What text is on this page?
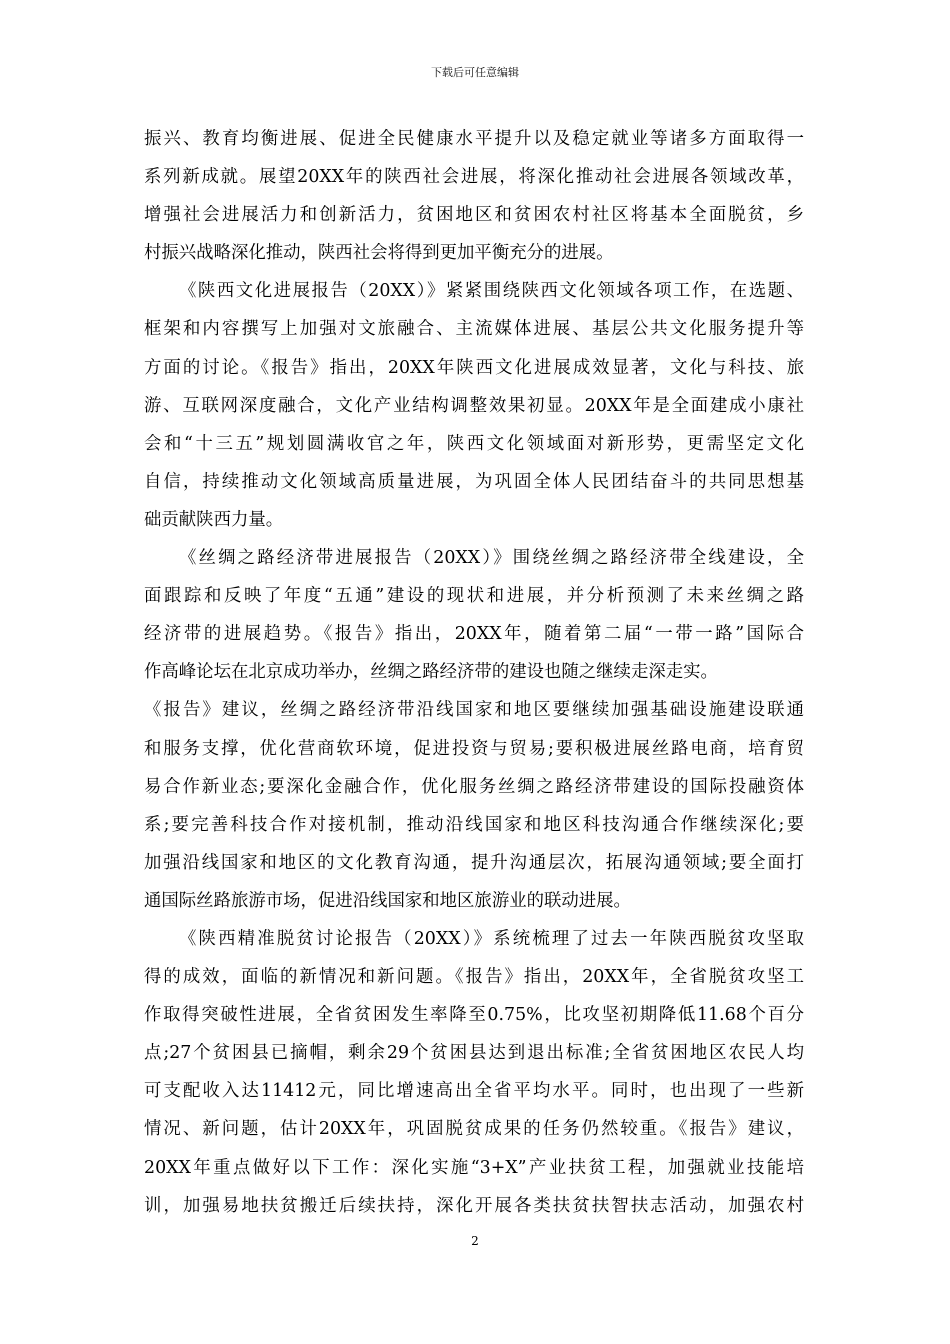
下载后可任意编辑
振兴、教育均衡进展、促进全民健康水平提升以及稳定就业等诸多方面取得一
系列新成就。展望20XX年的陕西社会进展，将深化推动社会进展各领域改革，
增强社会进展活力和创新活力，贫困地区和贫困农村社区将基本全面脱贫，乡
村振兴战略深化推动，陕西社会将得到更加平衡充分的进展。
《陕西文化进展报告（20XX）》紧紧围绕陕西文化领域各项工作，在选题、
框架和内容撰写上加强对文旅融合、主流媒体进展、基层公共文化服务提升等
方面的讨论。《报告》指出，20XX年陕西文化进展成效显著，文化与科技、旅
游、互联网深度融合，文化产业结构调整效果初显。20XX年是全面建成小康社
会和“十三五”规划圆满收官之年，陕西文化领域面对新形势，更需坚定文化
自信，持续推动文化领域高质量进展，为巩固全体人民团结奋斗的共同思想基
础贡献陕西力量。
《丝绸之路经济带进展报告（20XX）》围绕丝绸之路经济带全线建设，全
面跟踪和反映了年度“五通”建设的现状和进展，并分析预测了未来丝绸之路
经济带的进展趋势。《报告》指出，20XX年，随着第二届“一带一路”国际合
作高峰论坛在北京成功举办，丝绸之路经济带的建设也随之继续走深走实。
《报告》建议，丝绸之路经济带沿线国家和地区要继续加强基础设施建设联通
和服务支撑，优化营商软环境，促进投资与贸易;要积极进展丝路电商，培育贸
易合作新业态;要深化金融合作，优化服务丝绸之路经济带建设的国际投融资体
系;要完善科技合作对接机制，推动沿线国家和地区科技沟通合作继续深化;要
加强沿线国家和地区的文化教育沟通，提升沟通层次，拓展沟通领域;要全面打
通国际丝路旅游市场，促进沿线国家和地区旅游业的联动进展。
《陕西精准脱贫讨论报告（20XX）》系统梳理了过去一年陕西脱贫攻坚取
得的成效，面临的新情况和新问题。《报告》指出，20XX年，全省脱贫攻坚工
作取得突破性进展，全省贫困发生率降至0.75%，比攻坚初期降低11.68个百分
点;27个贫困县已摘帽，剩余29个贫困县达到退出标准;全省贫困地区农民人均
可支配收入达11412元，同比增速高出全省平均水平。同时，也出现了一些新
情况、新问题，估计20XX年，巩固脱贫成果的任务仍然较重。《报告》建议，
20XX年重点做好以下工作：深化实施“3+X”产业扶贫工程，加强就业技能培
训，加强易地扶贫搬迁后续扶持，深化开展各类扶贫扶智扶志活动，加强农村
2
